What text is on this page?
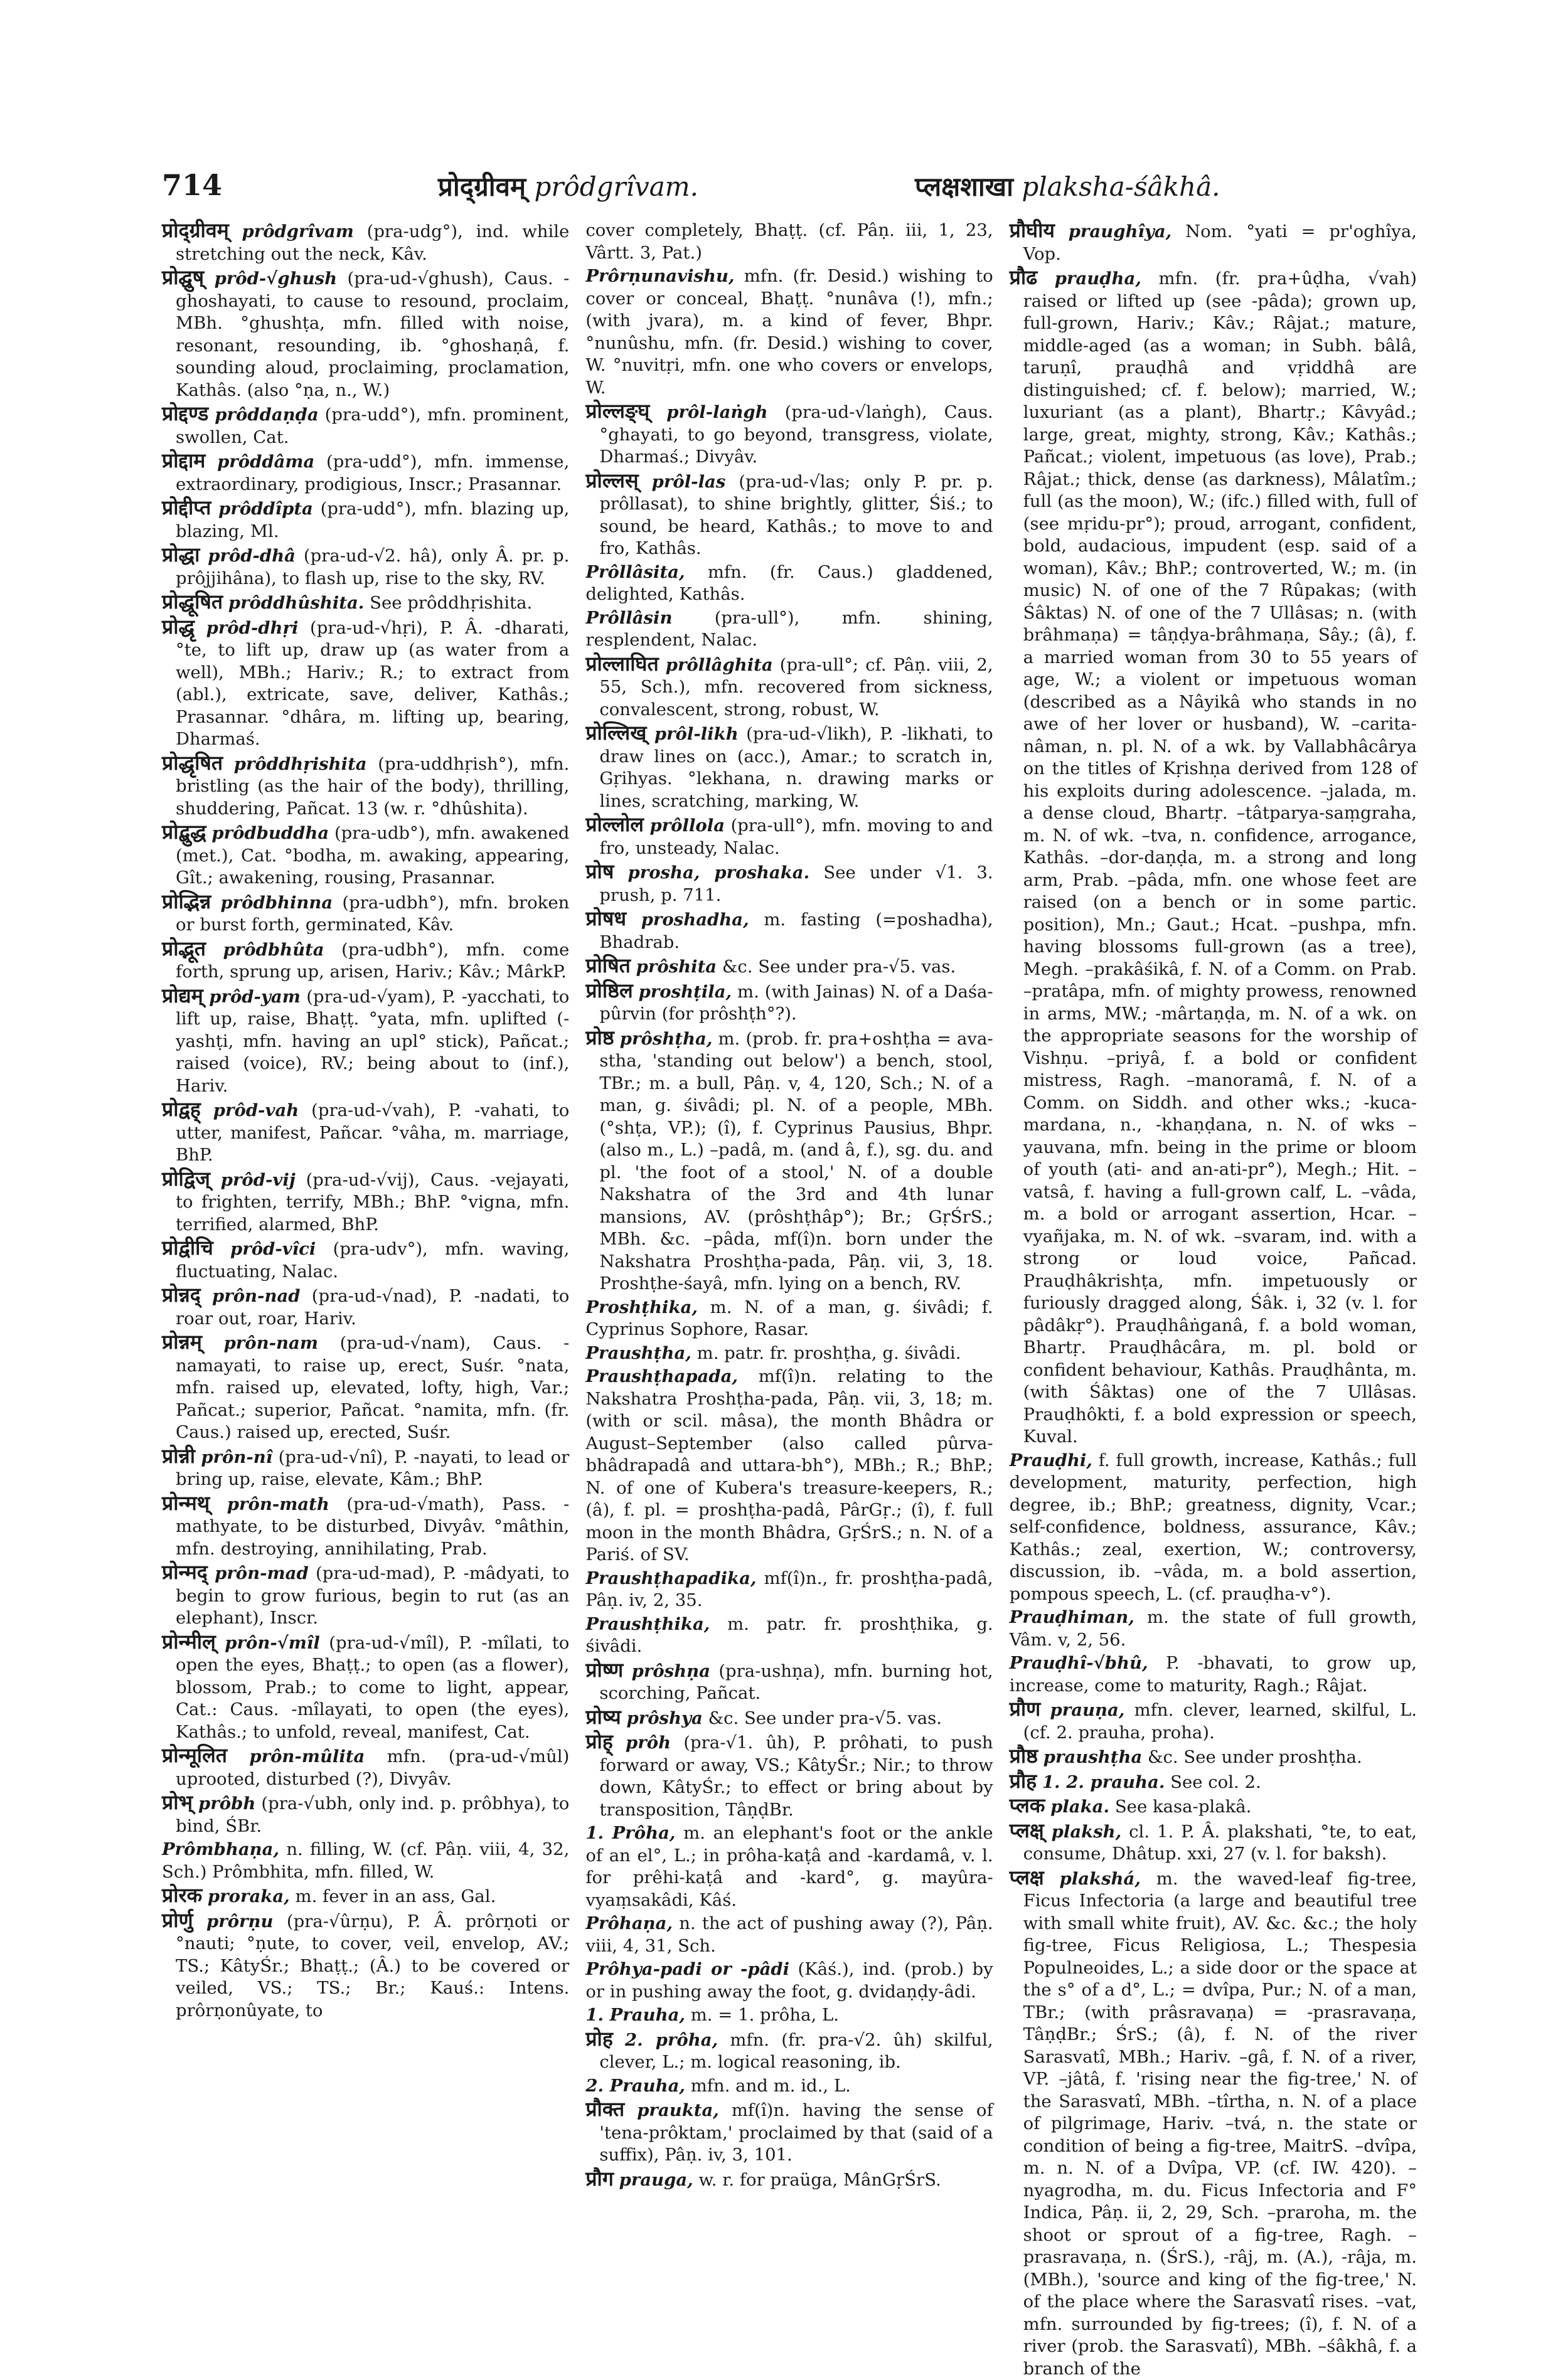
714	प्रोद्ग्रीवम् prôdgrîvam.	प्लक्षशाखा plaksha-śâkhâ.

प्रोद्ग्रीवम् prôdgrîvam (pra-udg°), ind. while stretching out the neck, Kâv.

प्रोद्घुष् prôd-√ghush (pra-ud-√ghush), Caus. -ghoshayati, to cause to resound, proclaim, MBh. °ghushṭa, mfn. filled with noise, resonant, resounding, ib. °ghoshaṇâ, f. sounding aloud, proclaiming, proclamation, Kathâs. (also °ṇa, n., W.)

प्रोद्दण्ड prôddaṇḍa (pra-udd°), mfn. prominent, swollen, Cat.

प्रोद्दाम prôddâma (pra-udd°), mfn. immense, extraordinary, prodigious, Inscr.; Prasannar.

प्रोद्दीप्त prôddîpta (pra-udd°), mfn. blazing up, blazing, Ml.

प्रोद्धा prôd-dhâ (pra-ud-√2. hâ), only Â. pr. p. prôjjihâna), to flash up, rise to the sky, RV.

प्रोद्धूषित prôddhûshita. See prôddhṛishita.

प्रोद्धृ prôd-dhṛi (pra-ud-√hṛi), P. Â. -dharati, °te, to lift up, draw up (as water from a well), MBh.; Hariv.; R.; to extract from (abl.), extricate, save, deliver, Kathâs.; Prasannar. °dhâra, m. lifting up, bearing, Dharmaś.

प्रोद्धृषित prôddhṛishita (pra-uddhṛish°), mfn. bristling (as the hair of the body), thrilling, shuddering, Pañcat. 13 (w. r. °dhûshita).

प्रोद्बुद्ध prôdbuddha (pra-udb°), mfn. awakened (met.), Cat. °bodha, m. awaking, appearing, Gît.; awakening, rousing, Prasannar.

प्रोद्भिन्न prôdbhinna (pra-udbh°), mfn. broken or burst forth, germinated, Kâv.

प्रोद्भूत prôdbhûta (pra-udbh°), mfn. come forth, sprung up, arisen, Hariv.; Kâv.; MârkP.

प्रोद्यम् prôd-yam (pra-ud-√yam), P. -yacchati, to lift up, raise, Bhaṭṭ. °yata, mfn. uplifted (-yashṭi, mfn. having an upl° stick), Pañcat.; raised (voice), RV.; being about to (inf.), Hariv.

प्रोद्वह् prôd-vah (pra-ud-√vah), P. -vahati, to utter, manifest, Pañcar. °vâha, m. marriage, BhP.

प्रोद्विज् prôd-vij (pra-ud-√vij), Caus. -vejayati, to frighten, terrify, MBh.; BhP. °vigna, mfn. terrified, alarmed, BhP.

प्रोद्वीचि prôd-vîci (pra-udv°), mfn. waving, fluctuating, Nalac.

प्रोन्नद् prôn-nad (pra-ud-√nad), P. -nadati, to roar out, roar, Hariv.

प्रोन्नम् prôn-nam (pra-ud-√nam), Caus. -namayati, to raise up, erect, Suśr. °nata, mfn. raised up, elevated, lofty, high, Var.; Pañcat.; superior, Pañcat. °namita, mfn. (fr. Caus.) raised up, erected, Suśr.

प्रोन्नी prôn-nî (pra-ud-√nî), P. -nayati, to lead or bring up, raise, elevate, Kâm.; BhP.

प्रोन्मथ् prôn-math (pra-ud-√math), Pass. -mathyate, to be disturbed, Divyâv. °mâthin, mfn. destroying, annihilating, Prab.

प्रोन्मद् prôn-mad (pra-ud-mad), P. -mâdyati, to begin to grow furious, begin to rut (as an elephant), Inscr.

प्रोन्मील् prôn-√mîl (pra-ud-√mîl), P. -mîlati, to open the eyes, Bhaṭṭ.; to open (as a flower), blossom, Prab.; to come to light, appear, Cat.: Caus. -mîlayati, to open (the eyes), Kathâs.; to unfold, reveal, manifest, Cat.

प्रोन्मूलित prôn-mûlita mfn. (pra-ud-√mûl) uprooted, disturbed (?), Divyâv.

प्रोभ् prôbh (pra-√ubh, only ind. p. prôbhya), to bind, ŚBr.

Prômbhaṇa, n. filling, W. (cf. Pâṇ. viii, 4, 32, Sch.) Prômbhita, mfn. filled, W.

प्रोरक proraka, m. fever in an ass, Gal.

प्रोर्णु prôrṇu (pra-√ûrṇu), P. Â. prôrṇoti or °nauti; °ṇute, to cover, veil, envelop, AV.; TS.; KâtyŚr.; Bhaṭṭ.; (Â.) to be covered or veiled, VS.; TS.; Br.; Kauś.: Intens. prôrṇonûyate, to

cover completely, Bhaṭṭ. (cf. Pâṇ. iii, 1, 23, Vârtt. 3, Pat.)

Prôrṇunavishu, mfn. (fr. Desid.) wishing to cover or conceal, Bhaṭṭ. °nunâva (!), mfn.; (with jvara), m. a kind of fever, Bhpr. °nunûshu, mfn. (fr. Desid.) wishing to cover, W. °nuvitṛi, mfn. one who covers or envelops, W.

प्रोल्लङ्घ् prôl-laṅgh (pra-ud-√laṅgh), Caus. °ghayati, to go beyond, transgress, violate, Dharmaś.; Divyâv.

प्रोल्लस् prôl-las (pra-ud-√las; only P. pr. p. prôllasat), to shine brightly, glitter, Śiś.; to sound, be heard, Kathâs.; to move to and fro, Kathâs.

Prôllâsita, mfn. (fr. Caus.) gladdened, delighted, Kathâs.

Prôllâsin (pra-ull°), mfn. shining, resplendent, Nalac.

प्रोल्लाघित prôllâghita (pra-ull°; cf. Pâṇ. viii, 2, 55, Sch.), mfn. recovered from sickness, convalescent, strong, robust, W.

प्रोल्लिख् prôl-likh (pra-ud-√likh), P. -likhati, to draw lines on (acc.), Amar.; to scratch in, Gṛihyas. °lekhana, n. drawing marks or lines, scratching, marking, W.

प्रोल्लोल prôllola (pra-ull°), mfn. moving to and fro, unsteady, Nalac.

प्रोष prosha, proshaka. See under √1. 3. prush, p. 711.

प्रोषध proshadha, m. fasting (=poshadha), Bhadrab.

प्रोषित prôshita &c. See under pra-√5. vas.

प्रोष्ठिल proshṭila, m. (with Jainas) N. of a Daśa-pûrvin (for prôshṭh°?).

प्रोष्ठ prôshṭha, m. (prob. fr. pra+oshṭha = ava-stha, 'standing out below') a bench, stool, TBr.; m. a bull, Pâṇ. v, 4, 120, Sch.; N. of a man, g. śivâdi; pl. N. of a people, MBh. (°shṭa, VP.); (î), f. Cyprinus Pausius, Bhpr. (also m., L.) –padâ, m. (and â, f.), sg. du. and pl. 'the foot of a stool,' N. of a double Nakshatra of the 3rd and 4th lunar mansions, AV. (prôshṭhâp°); Br.; GṛŚrS.; MBh. &c. –pâda, mf(î)n. born under the Nakshatra Proshṭha-pada, Pâṇ. vii, 3, 18. Proshṭhe-śayâ, mfn. lying on a bench, RV.

Proshṭhika, m. N. of a man, g. śivâdi; f. Cyprinus Sophore, Rasar.

Praushṭha, m. patr. fr. proshṭha, g. śivâdi.

Praushṭhapada, mf(î)n. relating to the Nakshatra Proshṭha-pada, Pâṇ. vii, 3, 18; m. (with or scil. mâsa), the month Bhâdra or August–September (also called pûrva-bhâdrapadâ and uttara-bh°), MBh.; R.; BhP.; N. of one of Kubera's treasure-keepers, R.; (â), f. pl. = proshṭha-padâ, PârGṛ.; (î), f. full moon in the month Bhâdra, GṛŚrS.; n. N. of a Pariś. of SV.

Praushṭhapadika, mf(î)n., fr. proshṭha-padâ, Pâṇ. iv, 2, 35.

Praushṭhika, m. patr. fr. proshṭhika, g. śivâdi.

प्रोष्ण prôshṇa (pra-ushṇa), mfn. burning hot, scorching, Pañcat.

प्रोष्य prôshya &c. See under pra-√5. vas.

प्रोह् prôh (pra-√1. ûh), P. prôhati, to push forward or away, VS.; KâtyŚr.; Nir.; to throw down, KâtyŚr.; to effect or bring about by transposition, TâṇḍBr.

1. Prôha, m. an elephant's foot or the ankle of an el°, L.; in prôha-kaṭâ and -kardamâ, v. l. for prêhi-kaṭâ and -kard°, g. mayûra-vyaṃsakâdi, Kâś.

Prôhaṇa, n. the act of pushing away (?), Pâṇ. viii, 4, 31, Sch.

Prôhya-padi or -pâdi (Kâś.), ind. (prob.) by or in pushing away the foot, g. dvidaṇḍy-âdi.

1. Prauha, m. = 1. prôha, L.

प्रोह 2. prôha, mfn. (fr. pra-√2. ûh) skilful, clever, L.; m. logical reasoning, ib.

2. Prauha, mfn. and m. id., L.

प्रौक्त praukta, mf(î)n. having the sense of 'tena-prôktam,' proclaimed by that (said of a suffix), Pâṇ. iv, 3, 101.

प्रौग prauga, w. r. for praüga, MânGṛŚrS.

प्रौघीय praughîya, Nom. °yati = pr'oghîya, Vop.

प्रौढ prauḍha, mfn. (fr. pra+ûḍha, √vah) raised or lifted up (see -pâda); grown up, full-grown, Hariv.; Kâv.; Râjat.; mature, middle-aged (as a woman; in Subh. bâlâ, taruṇî, prauḍhâ and vṛiddhâ are distinguished; cf. f. below); married, W.; luxuriant (as a plant), Bhartṛ.; Kâvyâd.; large, great, mighty, strong, Kâv.; Kathâs.; Pañcat.; violent, impetuous (as love), Prab.; Râjat.; thick, dense (as darkness), Mâlatîm.; full (as the moon), W.; (ifc.) filled with, full of (see mṛidu-pr°); proud, arrogant, confident, bold, audacious, impudent (esp. said of a woman), Kâv.; BhP.; controverted, W.; m. (in music) N. of one of the 7 Rûpakas; (with Śâktas) N. of one of the 7 Ullâsas; n. (with brâhmaṇa) = tâṇḍya-brâhmaṇa, Sây.; (â), f. a married woman from 30 to 55 years of age, W.; a violent or impetuous woman (described as a Nâyikâ who stands in no awe of her lover or husband), W. –carita-nâman, n. pl. N. of a wk. by Vallabhâcârya on the titles of Kṛishṇa derived from 128 of his exploits during adolescence. –jalada, m. a dense cloud, Bhartṛ. –tâtparya-saṃgraha, m. N. of wk. –tva, n. confidence, arrogance, Kathâs. –dor-daṇḍa, m. a strong and long arm, Prab. –pâda, mfn. one whose feet are raised (on a bench or in some partic. position), Mn.; Gaut.; Hcat. –pushpa, mfn. having blossoms full-grown (as a tree), Megh. –prakâśikâ, f. N. of a Comm. on Prab. –pratâpa, mfn. of mighty prowess, renowned in arms, MW.; -mârtaṇḍa, m. N. of a wk. on the appropriate seasons for the worship of Vishṇu. –priyâ, f. a bold or confident mistress, Ragh. –manoramâ, f. N. of a Comm. on Siddh. and other wks.; -kuca-mardana, n., -khaṇḍana, n. N. of wks –yauvana, mfn. being in the prime or bloom of youth (ati- and an-ati-pr°), Megh.; Hit. –vatsâ, f. having a full-grown calf, L. –vâda, m. a bold or arrogant assertion, Hcar. –vyañjaka, m. N. of wk. –svaram, ind. with a strong or loud voice, Pañcad. Prauḍhâkrishṭa, mfn. impetuously or furiously dragged along, Śâk. i, 32 (v. l. for pâdâkṛ°). Prauḍhâṅganâ, f. a bold woman, Bhartṛ. Prauḍhâcâra, m. pl. bold or confident behaviour, Kathâs. Prauḍhânta, m. (with Śâktas) one of the 7 Ullâsas. Prauḍhôkti, f. a bold expression or speech, Kuval.

Prauḍhi, f. full growth, increase, Kathâs.; full development, maturity, perfection, high degree, ib.; BhP.; greatness, dignity, Vcar.; self-confidence, boldness, assurance, Kâv.; Kathâs.; zeal, exertion, W.; controversy, discussion, ib. –vâda, m. a bold assertion, pompous speech, L. (cf. prauḍha-v°).

Prauḍhiman, m. the state of full growth, Vâm. v, 2, 56.

Prauḍhî-√bhû, P. -bhavati, to grow up, increase, come to maturity, Ragh.; Râjat.

प्रौण prauṇa, mfn. clever, learned, skilful, L. (cf. 2. prauha, proha).

प्रौष्ठ praushṭha &c. See under proshṭha.

प्रौह 1. 2. prauha. See col. 2.

प्लक plaka. See kasa-plakâ.

प्लक्ष् plaksh, cl. 1. P. Â. plakshati, °te, to eat, consume, Dhâtup. xxi, 27 (v. l. for baksh).

प्लक्ष plakshá, m. the waved-leaf fig-tree, Ficus Infectoria (a large and beautiful tree with small white fruit), AV. &c. &c.; the holy fig-tree, Ficus Religiosa, L.; Thespesia Populneoides, L.; a side door or the space at the s° of a d°, L.; = dvîpa, Pur.; N. of a man, TBr.; (with prâsravaṇa) = -prasravaṇa, TâṇḍBr.; ŚrS.; (â), f. N. of the river Sarasvatî, MBh.; Hariv. –gâ, f. N. of a river, VP. –jâtâ, f. 'rising near the fig-tree,' N. of the Sarasvatî, MBh. –tîrtha, n. N. of a place of pilgrimage, Hariv. –tvá, n. the state or condition of being a fig-tree, MaitrS. –dvîpa, m. n. N. of a Dvîpa, VP. (cf. IW. 420). –nyagrodha, m. du. Ficus Infectoria and F° Indica, Pâṇ. ii, 2, 29, Sch. –praroha, m. the shoot or sprout of a fig-tree, Ragh. –prasravaṇa, n. (ŚrS.), -râj, m. (A.), -râja, m. (MBh.), 'source and king of the fig-tree,' N. of the place where the Sarasvatî rises. –vat, mfn. surrounded by fig-trees; (î), f. N. of a river (prob. the Sarasvatî), MBh. –śâkhâ, f. a branch of the
